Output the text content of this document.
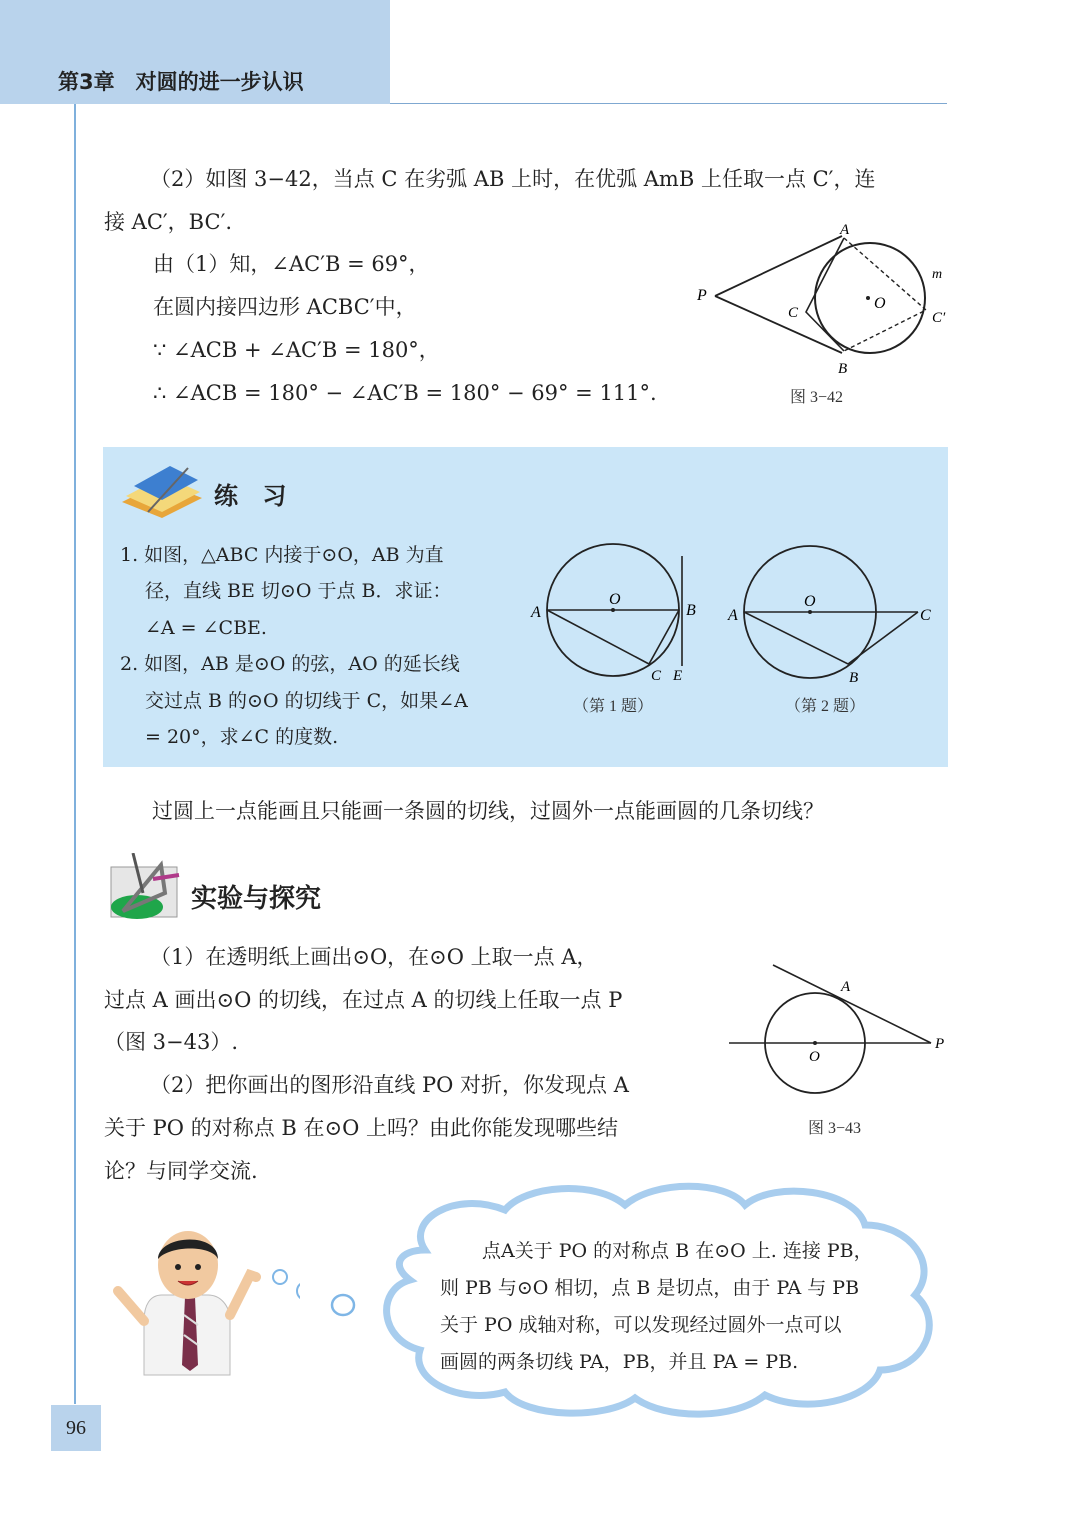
第3章　对圆的进一步认识
（2）如图 3−42，当点 C 在劣弧 AB 上时，在优弧 AmB 上任取一点 C′，连
接 AC′，BC′.
由（1）知，∠AC′B = 69°，
在圆内接四边形 ACBC′中，
∵ ∠ACB + ∠AC′B = 180°，
∴ ∠ACB = 180° − ∠AC′B = 180° − 69° = 111°.
A
P
C
O
m
C′
B
图 3−42
练 习
1. 如图，△ABC 内接于⊙O，AB 为直
径，直线 BE 切⊙O 于点 B．求证：
∠A = ∠CBE.
2. 如图，AB 是⊙O 的弦，AO 的延长线
交过点 B 的⊙O 的切线于 C，如果∠A
= 20°，求∠C 的度数.
A
O
B
C E
（第 1 题）
A
O
C
B
（第 2 题）
过圆上一点能画且只能画一条圆的切线，过圆外一点能画圆的几条切线？
实验与探究
（1）在透明纸上画出⊙O，在⊙O 上取一点 A，
过点 A 画出⊙O 的切线，在过点 A 的切线上任取一点 P
（图 3−43）.
（2）把你画出的图形沿直线 PO 对折，你发现点 A
关于 PO 的对称点 B 在⊙O 上吗？由此你能发现哪些结
论？与同学交流.
A
O
P
图 3−43
点A关于 PO 的对称点 B 在⊙O 上. 连接 PB，
则 PB 与⊙O 相切，点 B 是切点，由于 PA 与 PB
关于 PO 成轴对称，可以发现经过圆外一点可以
画圆的两条切线 PA，PB，并且 PA = PB.
96
